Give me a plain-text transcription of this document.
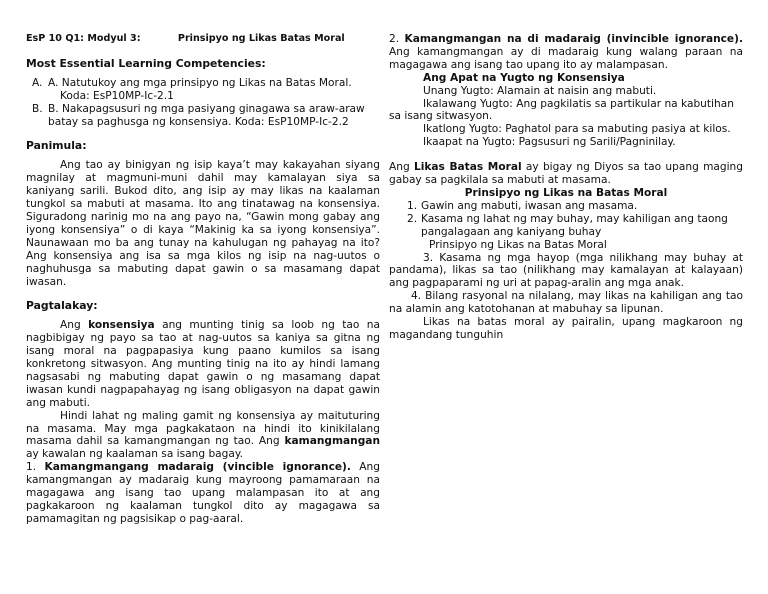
EsP 10 Q1: Modyul 3:	Prinsipyo ng Likas Batas Moral

Most Essential Learning Competencies:

A. A. Natutukoy ang mga prinsipyo ng Likas na Batas Moral.
Koda: EsP10MP-Ic-2.1
B. B. Nakapagsusuri ng mga pasiyang ginagawa sa araw-araw batay sa paghusga ng konsensiya. Koda: EsP10MP-Ic-2.2

Panimula:

Ang tao ay binigyan ng isip kaya’t may kakayahan siyang magnilay at magmuni-muni dahil may kamalayan siya sa kaniyang sarili. Bukod dito, ang isip ay may likas na kaalaman tungkol sa mabuti at masama. Ito ang tinatawag na konsensiya. Siguradong narinig mo na ang payo na, “Gawin mong gabay ang iyong konsensiya” o di kaya “Makinig ka sa iyong konsensiya”. Naunawaan mo ba ang tunay na kahulugan ng pahayag na ito? Ang konsensiya ang isa sa mga kilos ng isip na nag-uutos o naghuhusga sa mabuting dapat gawin o sa masamang dapat iwasan.

Pagtalakay:

Ang konsensiya ang munting tinig sa loob ng tao na nagbibigay ng payo sa tao at nag-uutos sa kaniya sa gitna ng isang moral na pagpapasiya kung paano kumilos sa isang konkretong sitwasyon. Ang munting tinig na ito ay hindi lamang nagsasabi ng mabuting dapat gawin o ng masamang dapat iwasan kundi nagpapahayag ng isang obligasyon na dapat gawin ang mabuti.

Hindi lahat ng maling gamit ng konsensiya ay maituturing na masama. May mga pagkakataon na hindi ito kinikilalang masama dahil sa kamangmangan ng tao. Ang kamangmangan ay kawalan ng kaalaman sa isang bagay.

1. Kamangmangang madaraig (vincible ignorance). Ang kamangmangan ay madaraig kung mayroong pamamaraan na magagawa ang isang tao upang malampasan ito at ang pagkakaroon ng kaalaman tungkol dito ay magagawa sa pamamagitan ng pagsisikap o pag-aaral.

2. Kamangmangan na di madaraig (invincible ignorance). Ang kamangmangan ay di madaraig kung walang paraan na magagawa ang isang tao upang ito ay malampasan.

Ang Apat na Yugto ng Konsensiya

Unang Yugto: Alamain at naisin ang mabuti.

Ikalawang Yugto: Ang pagkilatis sa partikular na kabutihan sa isang sitwasyon.

Ikatlong Yugto: Paghatol para sa mabuting pasiya at kilos.

Ikaapat na Yugto: Pagsusuri ng Sarili/Pagninilay.

Ang Likas Batas Moral ay bigay ng Diyos sa tao upang maging gabay sa pagkilala sa mabuti at masama.

Prinsipyo ng Likas na Batas Moral

1. Gawin ang mabuti, iwasan ang masama.
2. Kasama ng lahat ng may buhay, may kahiligan ang taong pangalagaan ang kaniyang buhay

Prinsipyo ng Likas na Batas Moral

3. Kasama ng mga hayop (mga nilikhang may buhay at pandama), likas sa tao (nilikhang may kamalayan at kalayaan) ang pagpaparami ng uri at papag-aralin ang mga anak.

4. Bilang rasyonal na nilalang, may likas na kahiligan ang tao na alamin ang katotohanan at mabuhay sa lipunan.

Likas na batas moral ay pairalin, upang magkaroon ng magandang tunguhin
